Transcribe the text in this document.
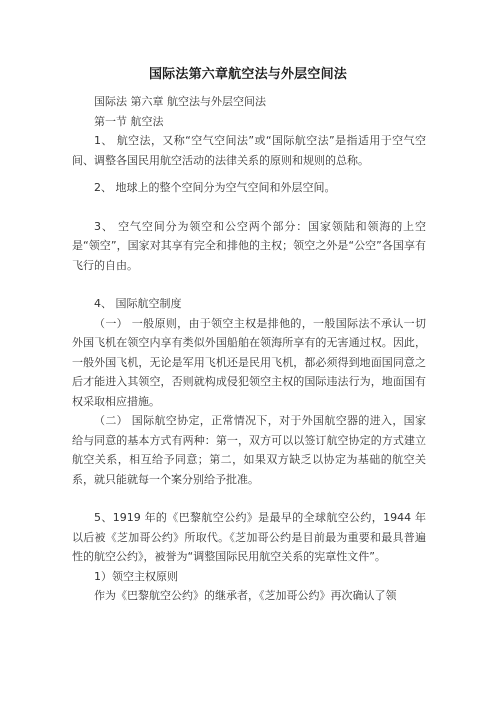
国际法第六章航空法与外层空间法

国际法 第六章 航空法与外层空间法

第一节 航空法

1、 航空法，又称“空气空间法”或“国际航空法”是指适用于空气空间、调整各国民用航空活动的法律关系的原则和规则的总称。

2、 地球上的整个空间分为空气空间和外层空间。

3、 空气空间分为领空和公空两个部分：国家领陆和领海的上空是“领空”，国家对其享有完全和排他的主权；领空之外是“公空”各国享有飞行的自由。

4、 国际航空制度

（一） 一般原则，由于领空主权是排他的，一般国际法不承认一切外国飞机在领空内享有类似外国船舶在领海所享有的无害通过权。因此，一般外国飞机，无论是军用飞机还是民用飞机，都必须得到地面国同意之后才能进入其领空，否则就构成侵犯领空主权的国际违法行为，地面国有权采取相应措施。

（二） 国际航空协定，正常情况下，对于外国航空器的进入，国家给与同意的基本方式有两种：第一，双方可以以签订航空协定的方式建立航空关系，相互给予同意；第二，如果双方缺乏以协定为基础的航空关系，就只能就每一个案分别给予批准。

5、1919 年的《巴黎航空公约》是最早的全球航空公约，1944 年以后被《芝加哥公约》所取代。《芝加哥公约是目前最为重要和最具普遍性的航空公约》，被誉为“调整国际民用航空关系的宪章性文件”。

1）领空主权原则

作为《巴黎航空公约》的继承者，《芝加哥公约》再次确认了领
